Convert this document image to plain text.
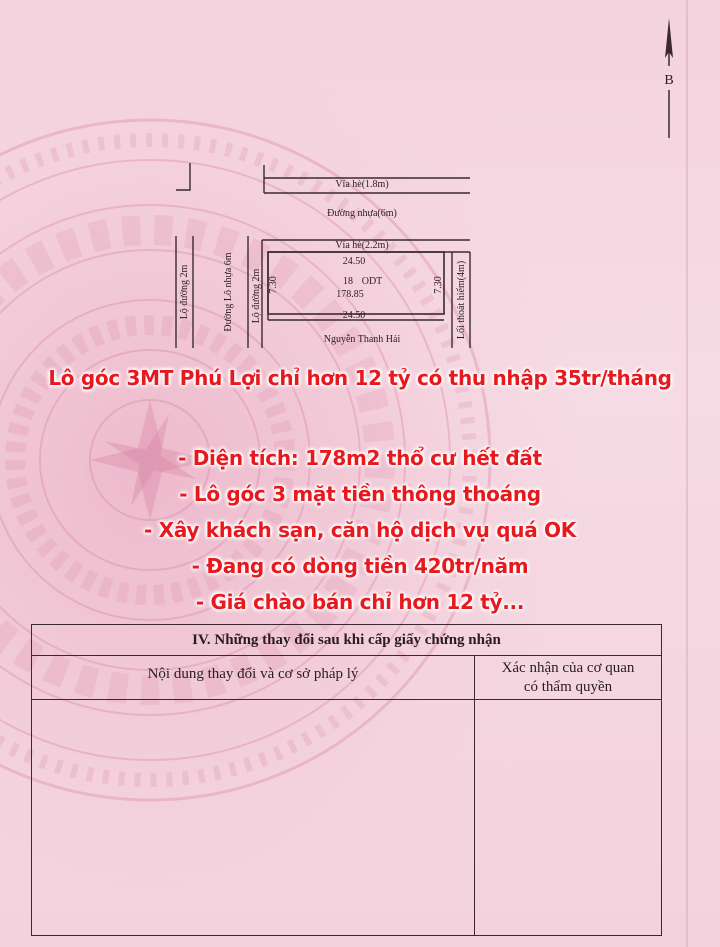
B
Vỉa hè(1.8m)
Đường nhựa(6m)
Vỉa hè(2.2m)
24.50
18 ODT
178.85
24.50
Nguyễn Thanh Hải
7.30	7.30
Lộ đường 2m	Đường Lô nhựa 6m Lộ đường 2m	Lối thoát hiểm(4m)
Lô góc 3MT Phú Lợi chỉ hơn 12 tỷ có thu nhập 35tr/tháng
- Diện tích: 178m2 thổ cư hết đất
- Lô góc 3 mặt tiền thông thoáng
- Xây khách sạn, căn hộ dịch vụ quá OK
- Đang có dòng tiền 420tr/năm
- Giá chào bán chỉ hơn 12 tỷ...
IV. Những thay đổi sau khi cấp giấy chứng nhận
Nội dung thay đổi và cơ sở pháp lý	Xác nhận của cơ quan
có thẩm quyền
